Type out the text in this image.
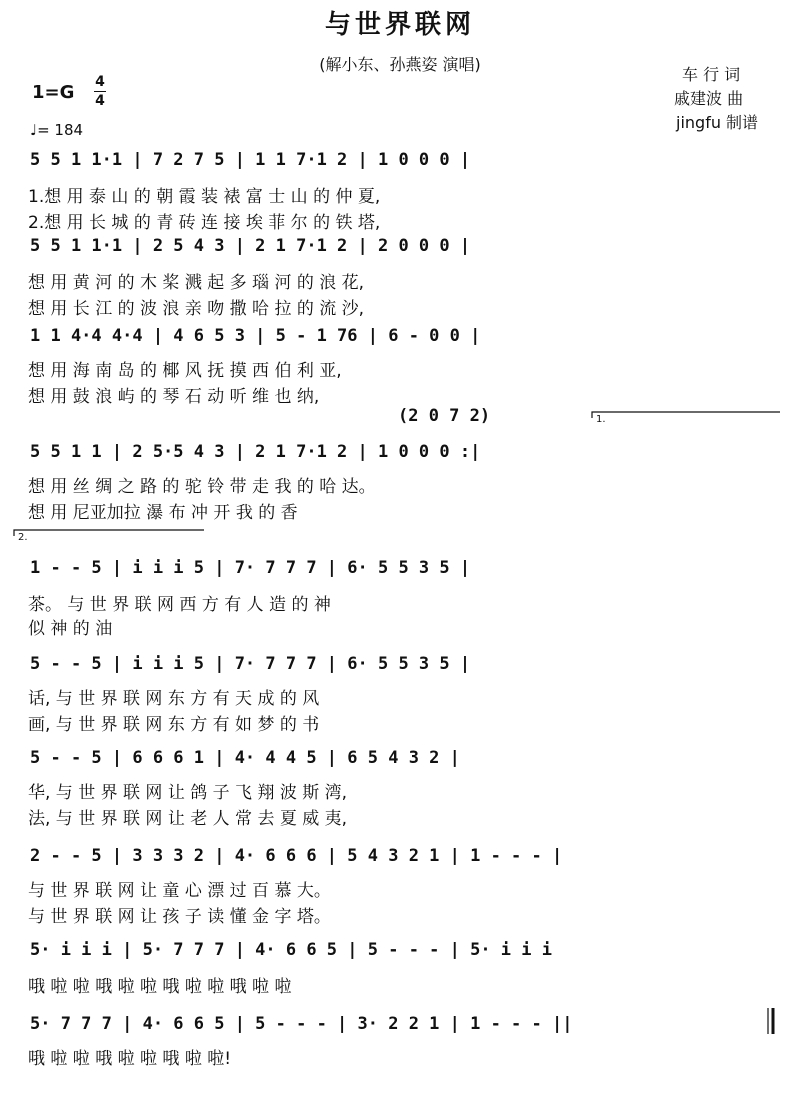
与世界联网
(解小东、孙燕姿 演唱)
车 行 词
戚建波 曲
jingfu 制谱
1=G 4
4
♩= 184
5 5 1 1·1 | 7 2 7 5 | 1 1 7·1 2 | 1 0 0 0 |
1.想 用 泰 山 的 朝 霞 装 裱 富 士 山 的 仲 夏,
2.想 用 长 城 的 青 砖 连 接 埃 菲 尔 的 铁 塔,
5 5 1 1·1 | 2 5 4 3 | 2 1 7·1 2 | 2 0 0 0 |
想 用 黄 河 的 木 桨 溅 起 多 瑙 河 的 浪 花,
想 用 长 江 的 波 浪 亲 吻 撒 哈 拉 的 流 沙,
1 1 4·4 4·4 | 4 6 5 3 | 5 - 1 76 | 6 - 0 0 |
想 用 海 南 岛 的 椰 风 抚 摸 西 伯 利 亚,
想 用 鼓 浪 屿 的 琴 石 动 听 维 也 纳,
(2 0 7 2)	1.
5 5 1 1 | 2 5·5 4 3 | 2 1 7·1 2 | 1 0 0 0 :|
想 用 丝 绸 之 路 的 驼 铃 带 走 我 的 哈 达。
想 用 尼亚加拉 瀑 布 冲 开 我 的 香
2.
1 - - 5 | i i i 5 | 7· 7 7 7 | 6· 5 5 3 5 |
茶。 与 世 界 联 网 西 方 有 人 造 的 神
似 神 的 油
5 - - 5 | i i i 5 | 7· 7 7 7 | 6· 5 5 3 5 |
话, 与 世 界 联 网 东 方 有 天 成 的 风
画, 与 世 界 联 网 东 方 有 如 梦 的 书
5 - - 5 | 6 6 6 1 | 4· 4 4 5 | 6 5 4 3 2 |
华, 与 世 界 联 网 让 鸽 子 飞 翔 波 斯 湾,
法, 与 世 界 联 网 让 老 人 常 去 夏 威 夷,
2 - - 5 | 3 3 3 2 | 4· 6 6 6 | 5 4 3 2 1 | 1 - - - |
与 世 界 联 网 让 童 心 漂 过 百 慕 大。
与 世 界 联 网 让 孩 子 读 懂 金 字 塔。
5· i i i | 5· 7 7 7 | 4· 6 6 5 | 5 - - - | 5· i i i
哦 啦 啦 哦 啦 啦 哦 啦 啦 哦 啦 啦
5· 7 7 7 | 4· 6 6 5 | 5 - - - | 3· 2 2 1 | 1 - - - ||
哦 啦 啦 哦 啦 啦 哦 啦 啦!
